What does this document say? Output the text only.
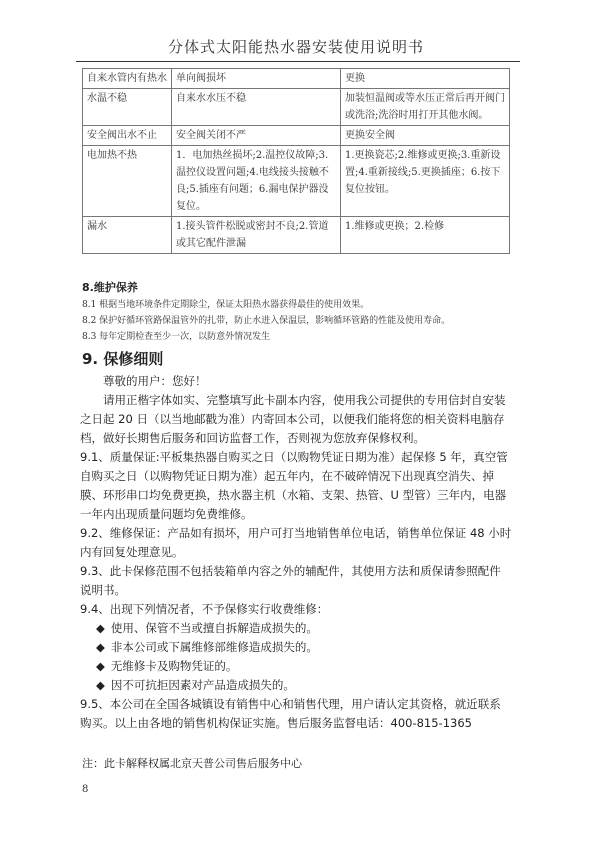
分体式太阳能热水器安装使用说明书
自来水管内有热水	单向阀损坏	更换
水温不稳	自来水水压不稳	加装恒温阀或等水压正常后再开阀门或洗浴;洗浴时用打开其他水阀。
安全阀出水不止	安全阀关闭不严	更换安全阀
电加热不热	1．电加热丝损坏;2.温控仪故障;3.温控仪设置问题;4.电线接头接触不良;5.插座有问题；6.漏电保护器没复位。	1.更换瓷芯;2.维修或更换;3.重新设置;4.重新接线;5.更换插座；6.按下复位按钮。
漏水	1.接头管件松脱或密封不良;2.管道或其它配件泄漏	1.维修或更换；2.检修
8.维护保养
8.1 根据当地环境条件定期除尘，保证太阳热水器获得最佳的使用效果。
8.2 保护好循环管路保温管外的扎带，防止水进入保温层，影响循环管路的性能及使用寿命。
8.3 每年定期检查至少一次，以防意外情况发生
9. 保修细则

尊敬的用户：您好！

请用正楷字体如实、完整填写此卡副本内容，使用我公司提供的专用信封自安装之日起 20 日（以当地邮戳为准）内寄回本公司，以便我们能将您的相关资料电脑存档，做好长期售后服务和回访监督工作，否则视为您放弃保修权利。

9.1、质量保证:平板集热器自购买之日（以购物凭证日期为准）起保修 5 年，真空管自购买之日（以购物凭证日期为准）起五年内，在不破碎情况下出现真空消失、掉膜、环形串口均免费更换，热水器主机（水箱、支架、热管、U 型管）三年内，电器一年内出现质量问题均免费维修。

9.2、维修保证：产品如有损坏，用户可打当地销售单位电话，销售单位保证 48 小时内有回复处理意见。

9.3、此卡保修范围不包括装箱单内容之外的辅配件，其使用方法和质保请参照配件说明书。

9.4、出现下列情况者，不予保修实行收费维修：

◆ 使用、保管不当或擅自拆解造成损失的。

◆ 非本公司或下属维修部维修造成损失的。

◆ 无维修卡及购物凭证的。

◆ 因不可抗拒因素对产品造成损失的。

9.5、本公司在全国各城镇设有销售中心和销售代理，用户请认定其资格，就近联系购买。以上由各地的销售机构保证实施。售后服务监督电话：400-815-1365

注：此卡解释权属北京天普公司售后服务中心
8
